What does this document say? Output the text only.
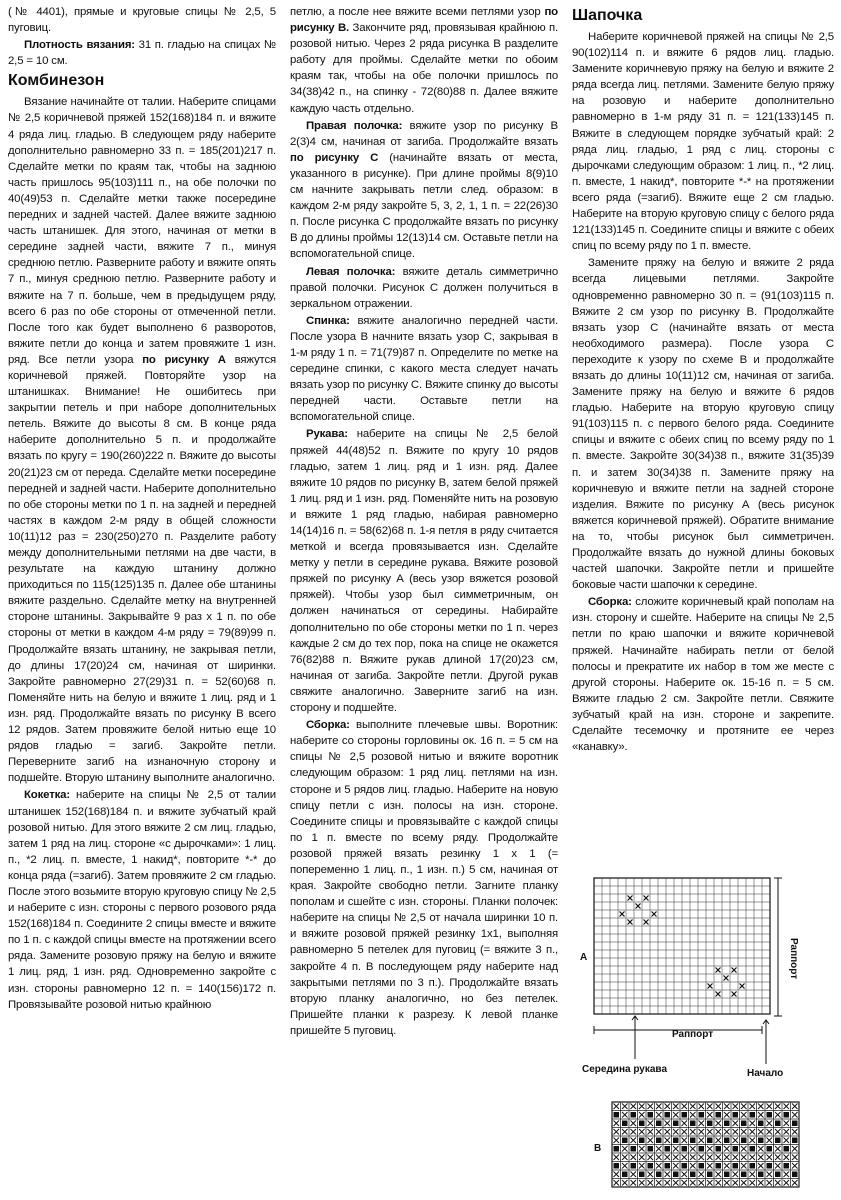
(№ 4401), прямые и круговые спицы № 2,5, 5 пуговиц.

Плотность вязания: 31 п. гладью на спицах № 2,5 = 10 см.

Комбинезон

Вязание начинайте от талии. Наберите спицами № 2,5 коричневой пряжей 152(168)184 п. и вяжите 4 ряда лиц. гладью. В следующем ряду наберите дополнительно равномерно 33 п. = 185(201)217 п. Сделайте метки по краям так, чтобы на заднюю часть пришлось 95(103)111 п., на обе полочки по 40(49)53 п. Сделайте метки также посередине передних и задней частей. Далее вяжите заднюю часть штанишек. Для этого, начиная от метки в середине задней части, вяжите 7 п., минуя среднюю петлю. Разверните работу и вяжите опять 7 п., минуя среднюю петлю. Разверните работу и вяжите на 7 п. больше, чем в предыдущем ряду, всего 6 раз по обе стороны от отмеченной петли. После того как будет выполнено 6 разворотов, вяжите петли до конца и затем провяжите 1 изн. ряд. Все петли узора по рисунку А вяжутся коричневой пряжей. Повторяйте узор на штанишках. Внимание! Не ошибитесь при закрытии петель и при наборе дополнительных петель. Вяжите до высоты 8 см. В конце ряда наберите дополнительно 5 п. и продолжайте вязать по кругу = 190(260)222 п. Вяжите до высоты 20(21)23 см от переда. Сделайте метки посередине передней и задней части. Наберите дополнительно по обе стороны метки по 1 п. на задней и передней частях в каждом 2-м ряду в общей сложности 10(11)12 раз = 230(250)270 п. Разделите работу между дополнительными петлями на две части, в результате на каждую штанину должно приходиться по 115(125)135 п. Далее обе штанины вяжите раздельно. Сделайте метку на внутренней стороне штанины. Закрывайте 9 раз х 1 п. по обе стороны от метки в каждом 4-м ряду = 79(89)99 п. Продолжайте вязать штанину, не закрывая петли, до длины 17(20)24 см, начиная от ширинки. Закройте равномерно 27(29)31 п. = 52(60)68 п. Поменяйте нить на белую и вяжите 1 лиц. ряд и 1 изн. ряд. Продолжайте вязать по рисунку В всего 12 рядов. Затем провяжите белой нитью еще 10 рядов гладью = загиб. Закройте петли. Переверните загиб на изнаночную сторону и подшейте. Вторую штанину выполните аналогично.

Кокетка: наберите на спицы № 2,5 от талии штанишек 152(168)184 п. и вяжите зубчатый край розовой нитью. Для этого вяжите 2 см лиц. гладью, затем 1 ряд на лиц. стороне «с дырочками»: 1 лиц. п., *2 лиц. п. вместе, 1 накид*, повторите *-* до конца ряда (=загиб). Затем провяжите 2 см гладью. После этого возьмите вторую круговую спицу № 2,5 и наберите с изн. стороны с первого розового ряда 152(168)184 п. Соедините 2 спицы вместе и вяжите по 1 п. с каждой спицы вместе на протяжении всего ряда. Замените розовую пряжу на белую и вяжите 1 лиц. ряд, 1 изн. ряд. Одновременно закройте с изн. стороны равномерно 12 п. = 140(156)172 п. Провязывайте розовой нитью крайнюю

петлю, а после нее вяжите всеми петлями узор по рисунку В. Закончите ряд, провязывая крайнюю п. розовой нитью. Через 2 ряда рисунка В разделите работу для проймы. Сделайте метки по обоим краям так, чтобы на обе полочки пришлось по 34(38)42 п., на спинку - 72(80)88 п. Далее вяжите каждую часть отдельно.

Правая полочка: вяжите узор по рисунку В 2(3)4 см, начиная от загиба. Продолжайте вязать по рисунку С (начинайте вязать от места, указанного в рисунке). При длине проймы 8(9)10 см начните закрывать петли след. образом: в каждом 2-м ряду закройте 5, 3, 2, 1, 1 п. = 22(26)30 п. После рисунка С продолжайте вязать по рисунку В до длины проймы 12(13)14 см. Оставьте петли на вспомогательной спице.

Левая полочка: вяжите деталь симметрично правой полочки. Рисунок С должен получиться в зеркальном отражении.

Спинка: вяжите аналогично передней части. После узора В начните вязать узор С, закрывая в 1-м ряду 1 п. = 71(79)87 п. Определите по метке на середине спинки, с какого места следует начать вязать узор по рисунку С. Вяжите спинку до высоты передней части. Оставьте петли на вспомогательной спице.

Рукава: наберите на спицы № 2,5 белой пряжей 44(48)52 п. Вяжите по кругу 10 рядов гладью, затем 1 лиц. ряд и 1 изн. ряд. Далее вяжите 10 рядов по рисунку В, затем белой пряжей 1 лиц. ряд и 1 изн. ряд. Поменяйте нить на розовую и вяжите 1 ряд гладью, набирая равномерно 14(14)16 п. = 58(62)68 п. 1-я петля в ряду считается меткой и всегда провязывается изн. Сделайте метку у петли в середине рукава. Вяжите розовой пряжей по рисунку А (весь узор вяжется розовой пряжей). Чтобы узор был симметричным, он должен начинаться от середины. Набирайте дополнительно по обе стороны метки по 1 п. через каждые 2 см до тех пор, пока на спице не окажется 76(82)88 п. Вяжите рукав длиной 17(20)23 см, начиная от загиба. Закройте петли. Другой рукав свяжите аналогично. Заверните загиб на изн. сторону и подшейте.

Сборка: выполните плечевые швы. Воротник: наберите со стороны горловины ок. 16 п. = 5 см на спицы № 2,5 розовой нитью и вяжите воротник следующим образом: 1 ряд лиц. петлями на изн. стороне и 5 рядов лиц. гладью. Наберите на новую спицу петли с изн. полосы на изн. стороне. Соедините спицы и провязывайте с каждой спицы по 1 п. вместе по всему ряду. Продолжайте розовой пряжей вязать резинку 1 х 1 (= попеременно 1 лиц. п., 1 изн. п.) 5 см, начиная от края. Закройте свободно петли. Загните планку пополам и сшейте с изн. стороны. Планки полочек: наберите на спицы № 2,5 от начала ширинки 10 п. и вяжите розовой пряжей резинку 1х1, выполняя равномерно 5 петелек для пуговиц (= вяжите 3 п., закройте 4 п. В последующем ряду наберите над закрытыми петлями по 3 п.). Продолжайте вязать вторую планку аналогично, но без петелек. Пришейте планки к разрезу. К левой планке пришейте 5 пуговиц.

Шапочка

Наберите коричневой пряжей на спицы № 2,5 90(102)114 п. и вяжите 6 рядов лиц. гладью. Замените коричневую пряжу на белую и вяжите 2 ряда всегда лиц. петлями. Замените белую пряжу на розовую и наберите дополнительно равномерно в 1-м ряду 31 п. = 121(133)145 п. Вяжите в следующем порядке зубчатый край: 2 ряда лиц. гладью, 1 ряд с лиц. стороны с дырочками следующим образом: 1 лиц. п., *2 лиц. п. вместе, 1 накид*, повторите *-* на протяжении всего ряда (=загиб). Вяжите еще 2 см гладью. Наберите на вторую круговую спицу с белого ряда 121(133)145 п. Соедините спицы и вяжите с обеих спиц по всему ряду по 1 п. вместе.

Замените пряжу на белую и вяжите 2 ряда всегда лицевыми петлями. Закройте одновременно равномерно 30 п. = (91(103)115 п. Вяжите 2 см узор по рисунку В. Продолжайте вязать узор С (начинайте вязать от места необходимого размера). После узора С переходите к узору по схеме В и продолжайте вязать до длины 10(11)12 см, начиная от загиба. Замените пряжу на белую и вяжите 6 рядов гладью. Наберите на вторую круговую спицу 91(103)115 п. с первого белого ряда. Соедините спицы и вяжите с обеих спиц по всему ряду по 1 п. вместе. Закройте 30(34)38 п., вяжите 31(35)39 п. и затем 30(34)38 п. Замените пряжу на коричневую и вяжите петли на задней стороне изделия. Вяжите по рисунку А (весь рисунок вяжется коричневой пряжей). Обратите внимание на то, чтобы рисунок был симметричен. Продолжайте вязать до нужной длины боковых частей шапочки. Закройте петли и пришейте боковые части шапочки к середине.

Сборка: сложите коричневый край пополам на изн. сторону и сшейте. Наберите на спицы № 2,5 петли по краю шапочки и вяжите коричневой пряжей. Начинайте набирать петли от белой полосы и прекратите их набор в том же месте с другой стороны. Наберите ок. 15-16 п. = 5 см. Вяжите гладью 2 см. Закройте петли. Свяжите зубчатый край на изн. стороне и закрепите. Сделайте тесемочку и протяните ее через «канавку».

A	Раппорт
Раппорт
Середина рукава	Начало
B
